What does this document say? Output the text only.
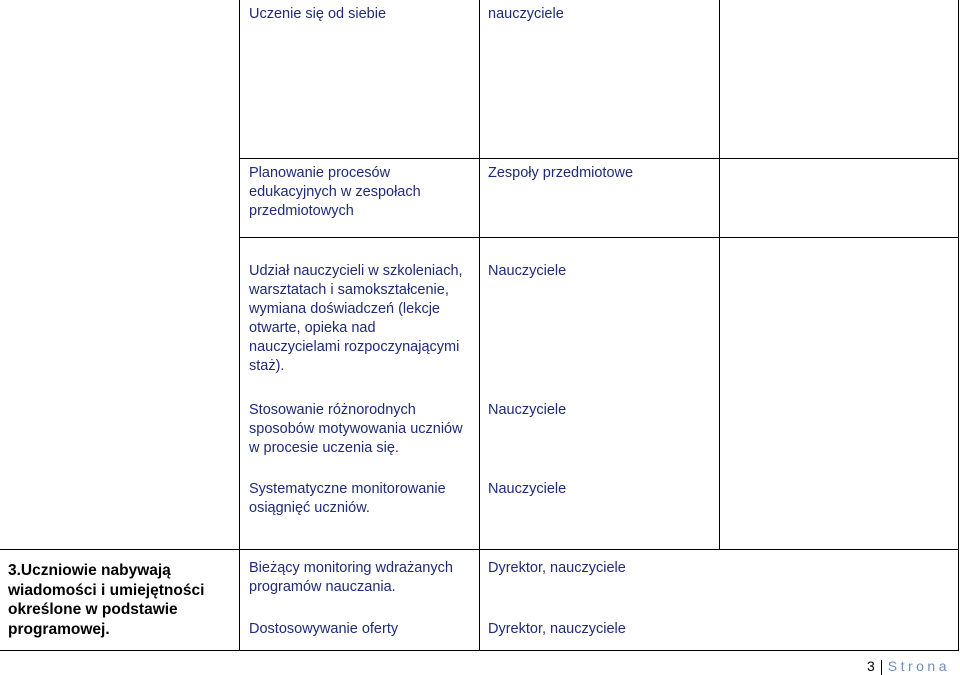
Uczenie się od siebie	nauczyciele
Planowanie procesów
edukacyjnych w zespołach
przedmiotowych
Zespoły przedmiotowe
Udział nauczycieli w szkoleniach,
warsztatach i samokształcenie,
wymiana doświadczeń (lekcje
otwarte, opieka nad
nauczycielami rozpoczynającymi
staż).
Nauczyciele
Stosowanie różnorodnych
sposobów motywowania uczniów
w procesie uczenia się.
Nauczyciele
Systematyczne monitorowanie
osiągnięć uczniów.
Nauczyciele
3.Uczniowie nabywają
wiadomości i umiejętności
określone w podstawie
programowej.
Bieżący monitoring wdrażanych
programów nauczania.
Dyrektor, nauczyciele
Dostosowywanie oferty	Dyrektor, nauczyciele
3 Strona
